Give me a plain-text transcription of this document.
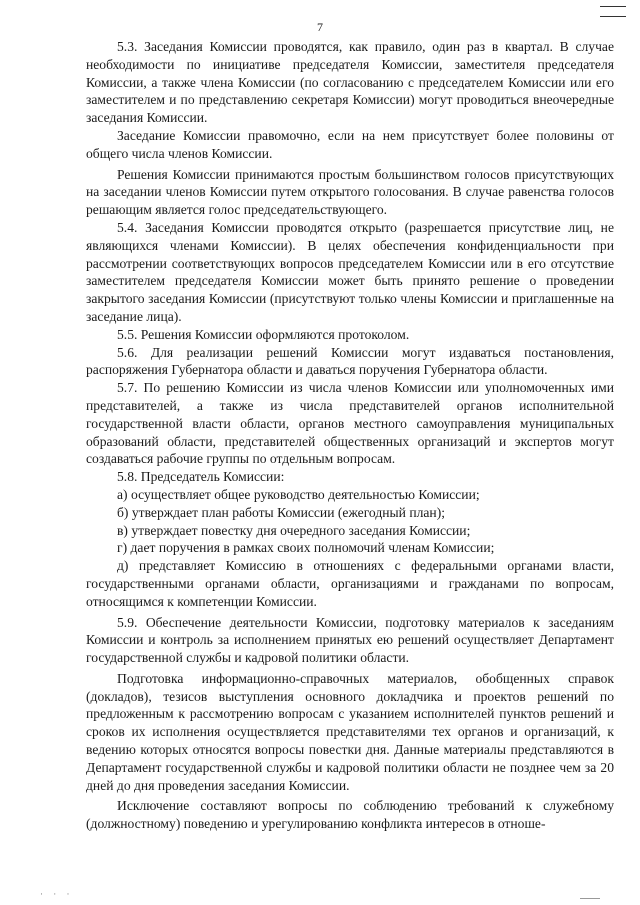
7

5.3. Заседания Комиссии проводятся, как правило, один раз в квартал. В случае необходимости по инициативе председателя Комиссии, заместителя председателя Комиссии, а также члена Комиссии (по согласованию с председателем Комиссии или его заместителем и по представлению секретаря Комиссии) могут проводиться внеочередные заседания Комиссии.

Заседание Комиссии правомочно, если на нем присутствует более половины от общего числа членов Комиссии.

Решения Комиссии принимаются простым большинством голосов присутствующих на заседании членов Комиссии путем открытого голосования. В случае равенства голосов решающим является голос председательствующего.

5.4. Заседания Комиссии проводятся открыто (разрешается присутствие лиц, не являющихся членами Комиссии). В целях обеспечения конфиденциальности при рассмотрении соответствующих вопросов председателем Комиссии или в его отсутствие заместителем председателя Комиссии может быть принято решение о проведении закрытого заседания Комиссии (присутствуют только члены Комиссии и приглашенные на заседание лица).

5.5. Решения Комиссии оформляются протоколом.

5.6. Для реализации решений Комиссии могут издаваться постановления, распоряжения Губернатора области и даваться поручения Губернатора области.

5.7. По решению Комиссии из числа членов Комиссии или уполномоченных ими представителей, а также из числа представителей органов исполнительной государственной власти области, органов местного самоуправления муниципальных образований области, представителей общественных организаций и экспертов могут создаваться рабочие группы по отдельным вопросам.

5.8. Председатель Комиссии:

а) осуществляет общее руководство деятельностью Комиссии;

б) утверждает план работы Комиссии (ежегодный план);

в) утверждает повестку дня очередного заседания Комиссии;

г) дает поручения в рамках своих полномочий членам Комиссии;

д) представляет Комиссию в отношениях с федеральными органами власти, государственными органами области, организациями и гражданами по вопросам, относящимся к компетенции Комиссии.

5.9. Обеспечение деятельности Комиссии, подготовку материалов к заседаниям Комиссии и контроль за исполнением принятых ею решений осуществляет Департамент государственной службы и кадровой политики области.

Подготовка информационно-справочных материалов, обобщенных справок (докладов), тезисов выступления основного докладчика и проектов решений по предложенным к рассмотрению вопросам с указанием исполнителей пунктов решений и сроков их исполнения осуществляется представителями тех органов и организаций, к ведению которых относятся вопросы повестки дня. Данные материалы представляются в Департамент государственной службы и кадровой политики области не позднее чем за 20 дней до дня проведения заседания Комиссии.

Исключение составляют вопросы по соблюдению требований к служебному (должностному) поведению и урегулированию конфликта интересов в отноше-

· · ·
